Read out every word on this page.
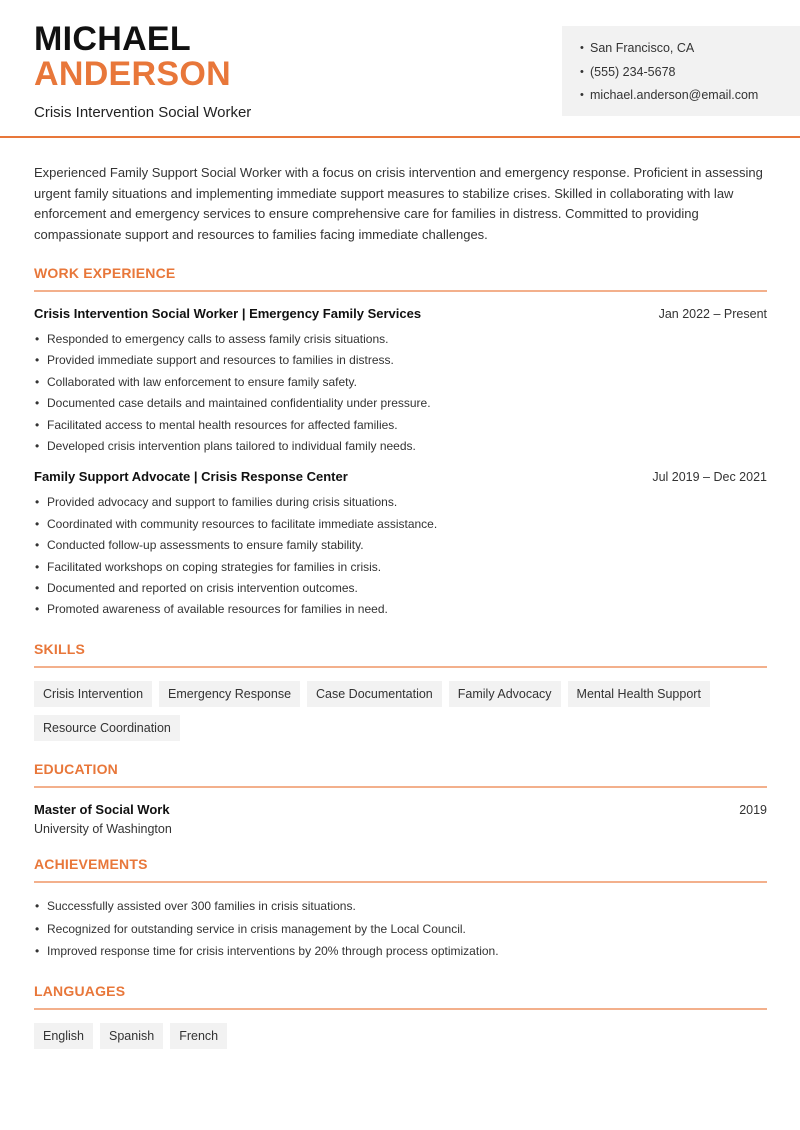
MICHAEL
ANDERSON
Crisis Intervention Social Worker
• San Francisco, CA
• (555) 234-5678
• michael.anderson@email.com

Experienced Family Support Social Worker with a focus on crisis intervention and emergency response. Proficient in assessing urgent family situations and implementing immediate support measures to stabilize crises. Skilled in collaborating with law enforcement and emergency services to ensure comprehensive care for families in distress. Committed to providing compassionate support and resources to families facing immediate challenges.

WORK EXPERIENCE
Crisis Intervention Social Worker | Emergency Family Services	Jan 2022 – Present
• Responded to emergency calls to assess family crisis situations.
• Provided immediate support and resources to families in distress.
• Collaborated with law enforcement to ensure family safety.
• Documented case details and maintained confidentiality under pressure.
• Facilitated access to mental health resources for affected families.
• Developed crisis intervention plans tailored to individual family needs.
Family Support Advocate | Crisis Response Center	Jul 2019 – Dec 2021
• Provided advocacy and support to families during crisis situations.
• Coordinated with community resources to facilitate immediate assistance.
• Conducted follow-up assessments to ensure family stability.
• Facilitated workshops on coping strategies for families in crisis.
• Documented and reported on crisis intervention outcomes.
• Promoted awareness of available resources for families in need.
SKILLS
Crisis Intervention	Emergency Response	Case Documentation	Family Advocacy	Mental Health Support
Resource Coordination
EDUCATION
Master of Social Work	2019
University of Washington
ACHIEVEMENTS
• Successfully assisted over 300 families in crisis situations.
• Recognized for outstanding service in crisis management by the Local Council.
• Improved response time for crisis interventions by 20% through process optimization.
LANGUAGES
English	Spanish	French
